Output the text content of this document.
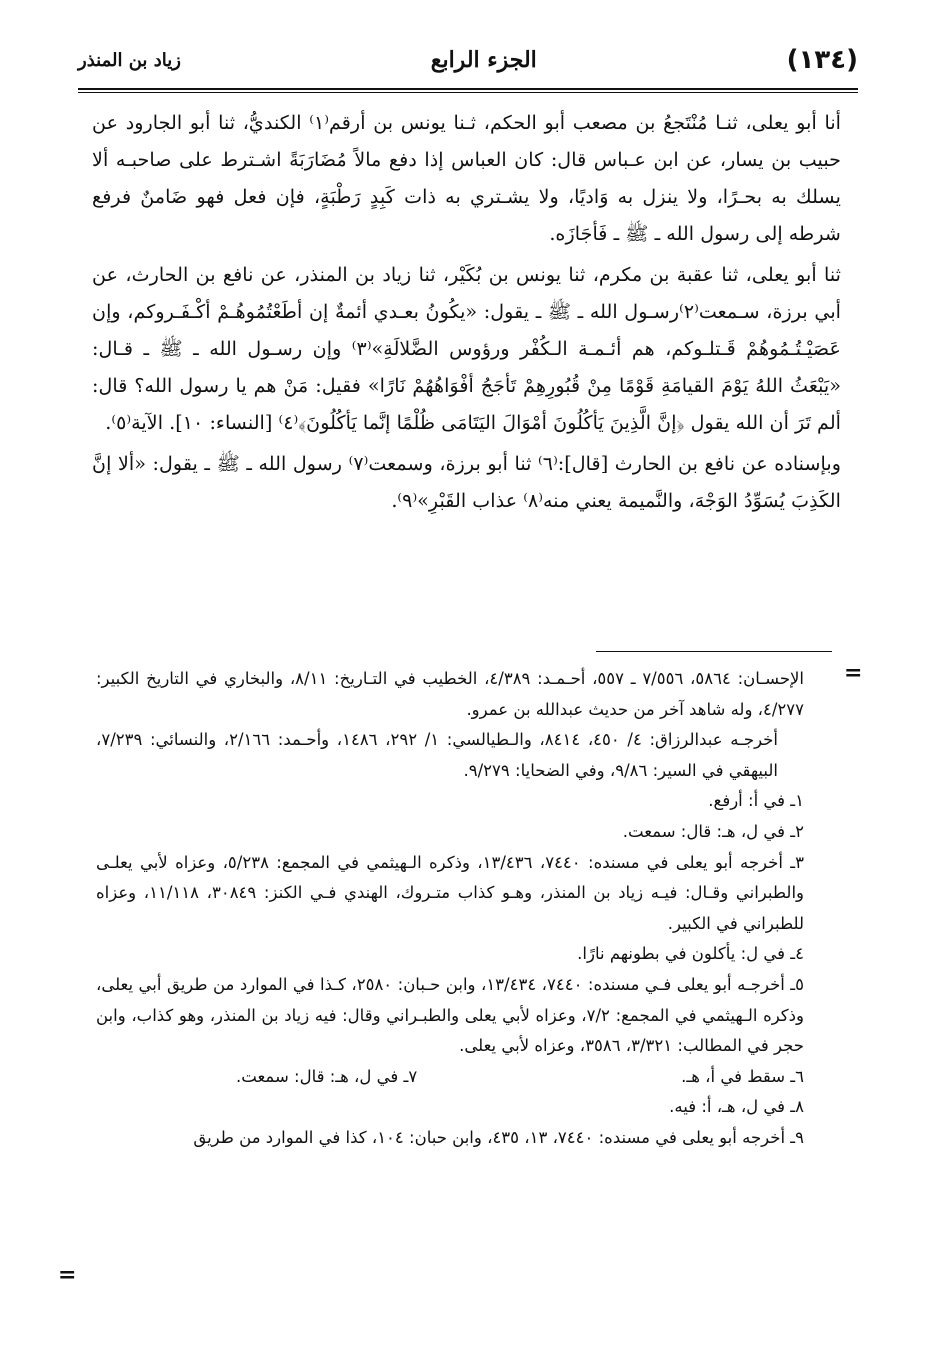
(١٣٤)
الجزء الرابع
زياد بن المنذر

أنا أبو يعلى، ثنـا مُنْتَجعُ بن مصعب أبو الحكم، ثـنا يونس بن أرقم⁽١⁾ الكنديُّ، ثنا أبو الجارود عن حبيب بن يسار، عن ابن عـباس قال: كان العباس إذا دفع مالاً مُضَارَبَةً اشـترط على صاحبـه ألا يسلك به بحـرًا، ولا ينزل به وَاديًا، ولا يشـتري به ذات كَبِدٍ رَطْبَةٍ، فإن فعل فهو ضَامنٌ فرفع شرطه إلى رسول الله ـ ﷺ ـ فَأجَازَه.

ثنا أبو يعلى، ثنا عقبة بن مكرم، ثنا يونس بن بُكَيْر، ثنا زياد بن المنذر، عن نافع بن الحارث، عن أبي برزة، سـمعت⁽٢⁾رسـول الله ـ ﷺ ـ يقول: «يكُونُ بعـدي أئمةٌ إن أطَعْتُمُوهُـمْ أكْـفَـروكم، وإن عَصَيْـتُـمُوهُمْ قَـتلـوكم، هم أئـمـة الـكُفْر ورؤوس الضَّلالَةِ»⁽٣⁾ وإن رسـول الله ـ ﷺ ـ قـال: «يَبْعَثُ اللهُ يَوْمَ القيامَةِ قَوْمًا مِنْ قُبُورِهِمْ تَأجَجُ أفْوَاهُهُمْ نَارًا» فقيل: مَنْ هم يا رسول الله؟ قال: ألم تَرَ أن الله يقول ﴿إنَّ الَّذِينَ يَأكُلُونَ أمْوَالَ اليَتَامَى ظُلْمًا إنَّما يَأكُلُونَ﴾⁽٤⁾ [النساء: ١٠]. الآية⁽٥⁾.

وبإسناده عن نافع بن الحارث [قال]:⁽٦⁾ ثنا أبو برزة، وسمعت⁽٧⁾ رسول الله ـ ﷺ ـ يقول: «ألا إنَّ الكَذِبَ يُسَوِّدُ الوَجْهَ، والنَّميمة يعني منه⁽٨⁾ عذاب القَبْرِ»⁽٩⁾.

=

الإحسـان: ٥٨٦٤، ٧/٥٥٦ ـ ٥٥٧، أحـمـد: ٤/٣٨٩، الخطيب في التـاريخ: ٨/١١، والبخاري في التاريخ الكبير: ٤/٢٧٧، وله شاهد آخر من حديث عبدالله بن عمرو.

أخرجـه عبدالرزاق: ٤/ ٤٥٠، ٨٤١٤، والـطيالسي: ١/ ٢٩٢، ١٤٨٦، وأحـمد: ٢/١٦٦، والنسائي: ٧/٢٣٩، البيهقي في السير: ٩/٨٦، وفي الضحايا: ٩/٢٧٩.

١ـ في أ: أرفع.

٢ـ في ل، هـ: قال: سمعت.

٣ـ أخرجه أبو يعلى في مسنده: ٧٤٤٠، ١٣/٤٣٦، وذكره الـهيثمي في المجمع: ٥/٢٣٨، وعزاه لأبي يعلـى والطبراني وقـال: فيـه زياد بن المنذر، وهـو كذاب متـروك، الهندي فـي الكنز: ٣٠٨٤٩، ١١/١١٨، وعزاه للطبراني في الكبير.

٤ـ في ل: يأكلون في بطونهم نارًا.

٥ـ أخرجـه أبو يعلى فـي مسنده: ٧٤٤٠، ١٣/٤٣٤، وابن حـبان: ٢٥٨٠، كـذا في الموارد من طريق أبي يعلى، وذكره الـهيثمي في المجمع: ٧/٢، وعزاه لأبي يعلى والطبـراني وقال: فيه زياد بن المنذر، وهو كذاب، وابن حجر في المطالب: ٣/٣٢١، ٣٥٨٦، وعزاه لأبي يعلى.

٦ـ سقط في أ، هـ.
٧ـ في ل، هـ: قال: سمعت.

٨ـ في ل، هـ، أ: فيه.

٩ـ أخرجه أبو يعلى في مسنده: ٧٤٤٠، ١٣، ٤٣٥، وابن حبان: ١٠٤، كذا في الموارد من طريق

=
